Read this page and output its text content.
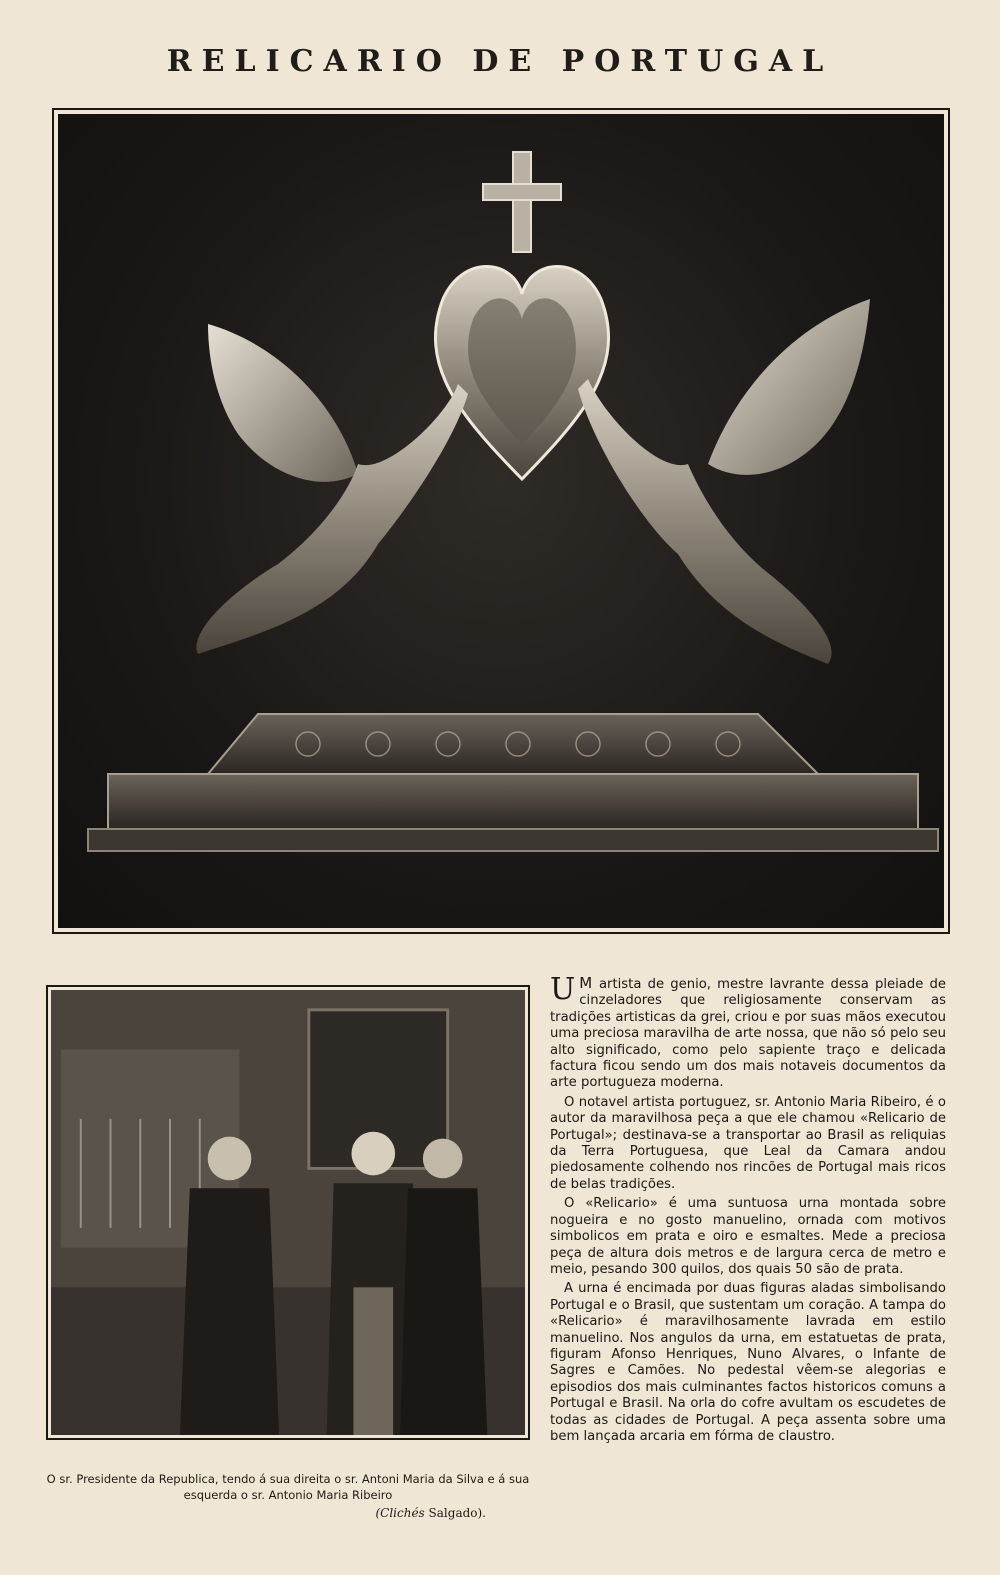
RELICARIO DE PORTUGAL
O sr. Presidente da Republica, tendo á sua direita o sr. Antoni Maria da Silva e á sua esquerda o sr. Antonio Maria Ribeiro
(Clichés Salgado).

U M artista de genio, mestre lavrante dessa pleiade de cinzeladores que religiosamente conservam as tradições artisticas da grei, criou e por suas mãos executou uma preciosa maravilha de arte nossa, que não só pelo seu alto significado, como pelo sapiente traço e delicada factura ficou sendo um dos mais notaveis documentos da arte portugueza moderna.

O notavel artista portuguez, sr. Antonio Maria Ribeiro, é o autor da maravilhosa peça a que ele chamou «Relicario de Portugal»; destinava-se a transportar ao Brasil as reliquias da Terra Portuguesa, que Leal da Camara andou piedosamente colhendo nos rincões de Portugal mais ricos de belas tradições.

O «Relicario» é uma suntuosa urna montada sobre nogueira e no gosto manuelino, ornada com motivos simbolicos em prata e oiro e esmaltes. Mede a preciosa peça de altura dois metros e de largura cerca de metro e meio, pesando 300 quilos, dos quais 50 são de prata.

A urna é encimada por duas figuras aladas simbolisando Portugal e o Brasil, que sustentam um coração. A tampa do «Relicario» é maravilhosamente lavrada em estilo manuelino. Nos angulos da urna, em estatuetas de prata, figuram Afonso Henriques, Nuno Alvares, o Infante de Sagres e Camões. No pedestal vêem-se alegorias e episodios dos mais culminantes factos historicos comuns a Portugal e Brasil. Na orla do cofre avultam os escudetes de todas as cidades de Portugal. A peça assenta sobre uma bem lançada arcaria em fórma de claustro.
